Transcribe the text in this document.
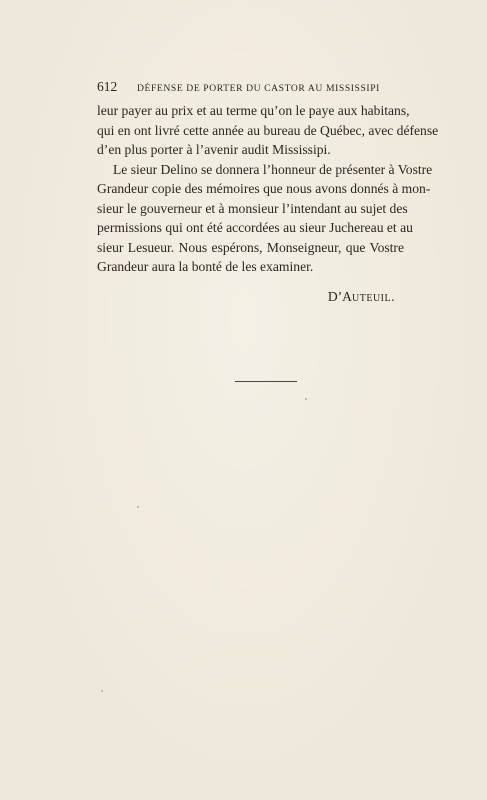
612 DÉFENSE DE PORTER DU CASTOR AU MISSISSIPI
leur payer au prix et au terme qu’on le paye aux habitans,
qui en ont livré cette année au bureau de Québec, avec défense
d’en plus porter à l’avenir audit Mississipi.
Le sieur Delino se donnera l’honneur de présenter à Vostre
Grandeur copie des mémoires que nous avons donnés à mon-
sieur le gouverneur et à monsieur l’intendant au sujet des
permissions qui ont été accordées au sieur Juchereau et au
sieur Lesueur. Nous espérons, Monseigneur, que Vostre
Grandeur aura la bonté de les examiner.
D’Auteuil.
